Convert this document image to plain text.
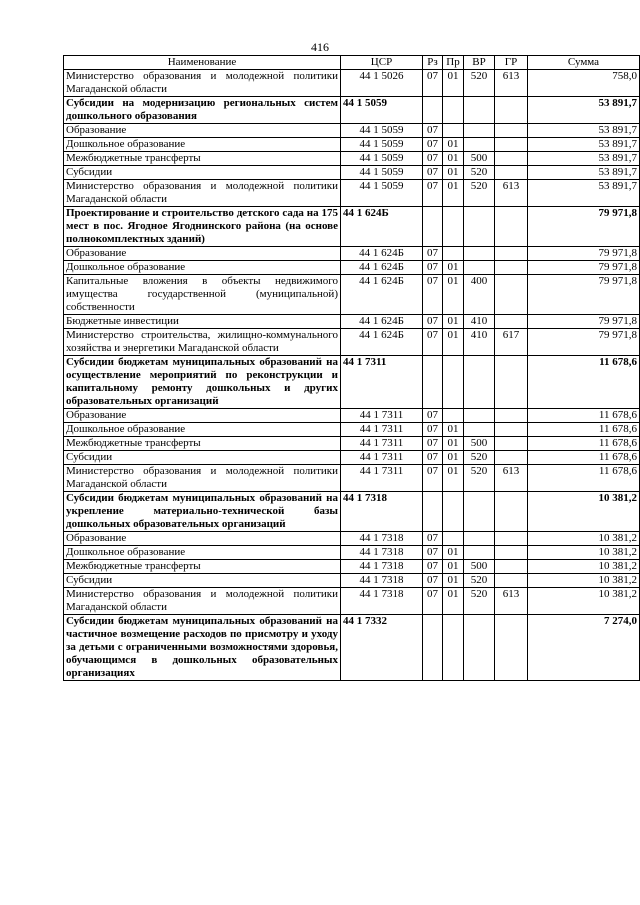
416
Наименование	ЦСР	Рз	Пр	ВР	ГР	Сумма
Министерство образования и молодежной политики Магаданской области	44 1 5026	07	01	520	613	758,0
Субсидии на модернизацию региональных систем дошкольного образования	44 1 5059					53 891,7
Образование	44 1 5059	07				53 891,7
Дошкольное образование	44 1 5059	07	01			53 891,7
Межбюджетные трансферты	44 1 5059	07	01	500		53 891,7
Субсидии	44 1 5059	07	01	520		53 891,7
Министерство образования и молодежной политики Магаданской области	44 1 5059	07	01	520	613	53 891,7
Проектирование и строительство детского сада на 175 мест в пос. Ягодное Ягоднинского района (на основе полнокомплектных зданий)	44 1 624Б					79 971,8
Образование	44 1 624Б	07				79 971,8
Дошкольное образование	44 1 624Б	07	01			79 971,8
Капитальные вложения в объекты недвижимого имущества государственной (муниципальной) собственности	44 1 624Б	07	01	400		79 971,8
Бюджетные инвестиции	44 1 624Б	07	01	410		79 971,8
Министерство строительства, жилищно-коммунального хозяйства и энергетики Магаданской области	44 1 624Б	07	01	410	617	79 971,8
Субсидии бюджетам муниципальных образований на осуществление мероприятий по реконструкции и капитальному ремонту дошкольных и других образовательных организаций	44 1 7311					11 678,6
Образование	44 1 7311	07				11 678,6
Дошкольное образование	44 1 7311	07	01			11 678,6
Межбюджетные трансферты	44 1 7311	07	01	500		11 678,6
Субсидии	44 1 7311	07	01	520		11 678,6
Министерство образования и молодежной политики Магаданской области	44 1 7311	07	01	520	613	11 678,6
Субсидии бюджетам муниципальных образований на укрепление материально-технической базы дошкольных образовательных организаций	44 1 7318					10 381,2
Образование	44 1 7318	07				10 381,2
Дошкольное образование	44 1 7318	07	01			10 381,2
Межбюджетные трансферты	44 1 7318	07	01	500		10 381,2
Субсидии	44 1 7318	07	01	520		10 381,2
Министерство образования и молодежной политики Магаданской области	44 1 7318	07	01	520	613	10 381,2
Субсидии бюджетам муниципальных образований на частичное возмещение расходов по присмотру и уходу за детьми с ограниченными возможностями здоровья, обучающимся в дошкольных образовательных организациях	44 1 7332					7 274,0
